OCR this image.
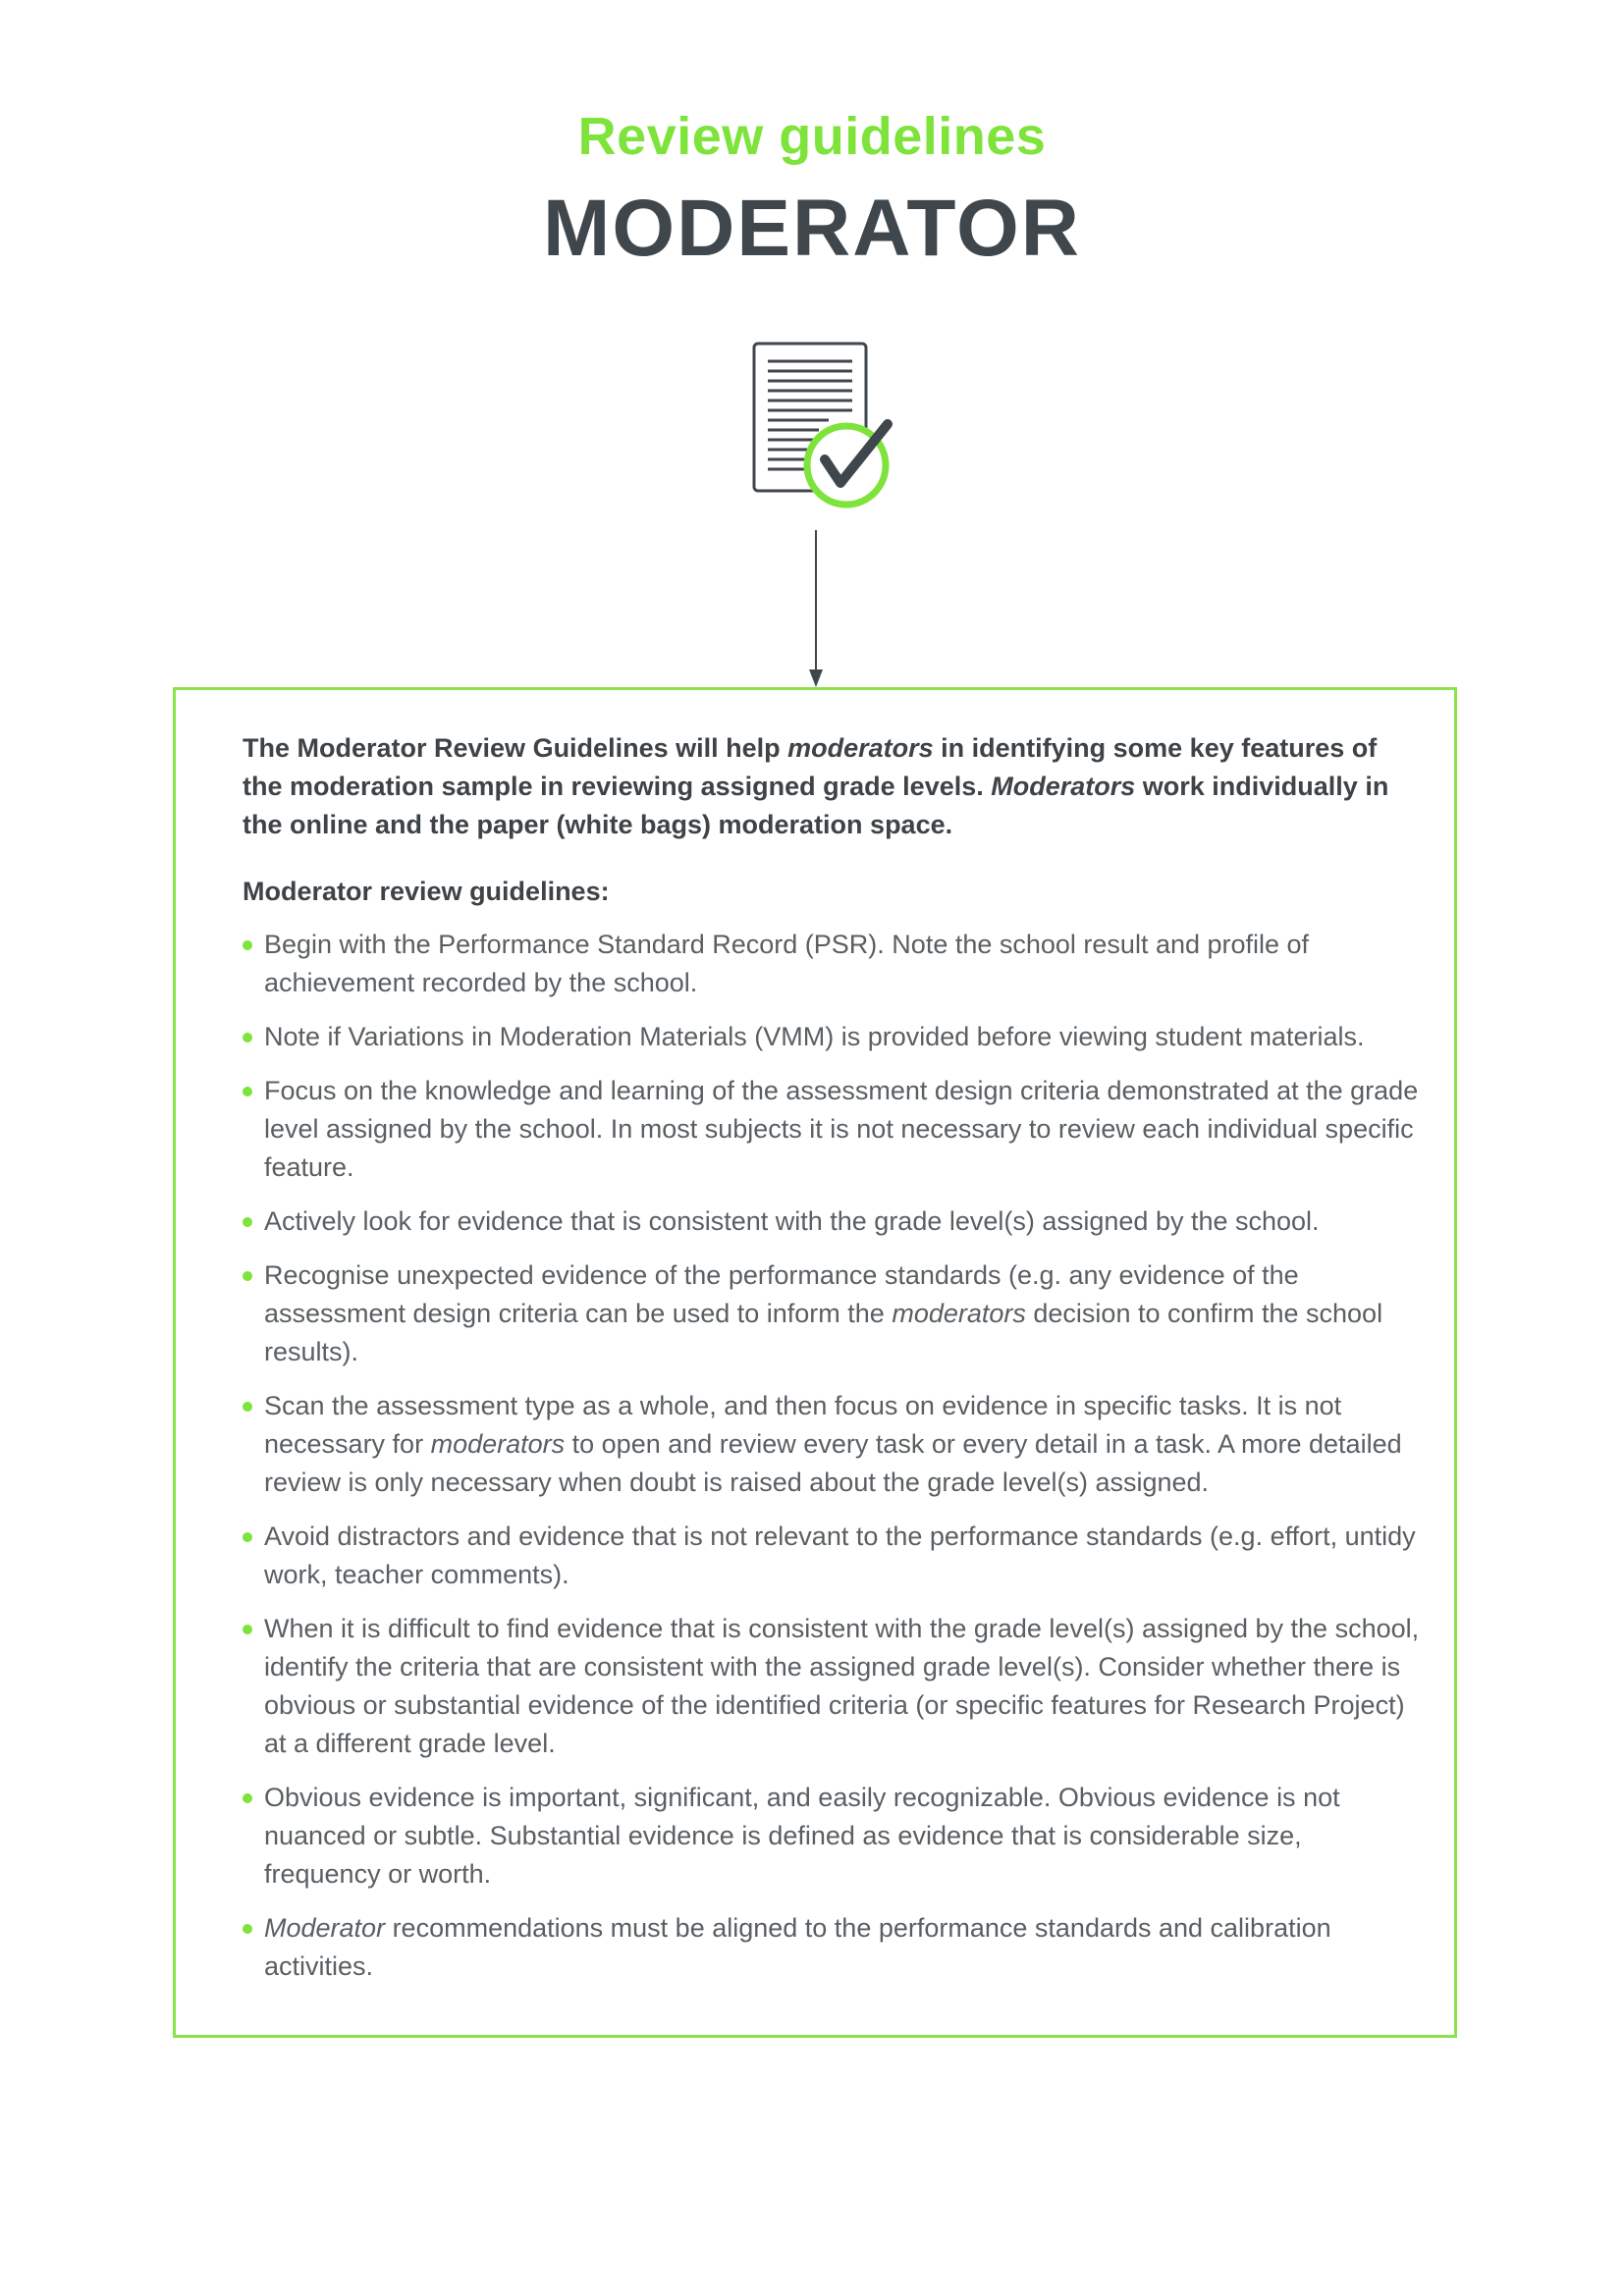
Review guidelines
MODERATOR

The Moderator Review Guidelines will help moderators in identifying some key features of the moderation sample in reviewing assigned grade levels. Moderators work individually in the online and the paper (white bags) moderation space.

Moderator review guidelines:

Begin with the Performance Standard Record (PSR). Note the school result and profile of achievement recorded by the school.
Note if Variations in Moderation Materials (VMM) is provided before viewing student materials.
Focus on the knowledge and learning of the assessment design criteria demonstrated at the grade level assigned by the school. In most subjects it is not necessary to review each individual specific feature.
Actively look for evidence that is consistent with the grade level(s) assigned by the school.
Recognise unexpected evidence of the performance standards (e.g. any evidence of the assessment design criteria can be used to inform the moderators decision to confirm the school results).
Scan the assessment type as a whole, and then focus on evidence in specific tasks. It is not necessary for moderators to open and review every task or every detail in a task. A more detailed review is only necessary when doubt is raised about the grade level(s) assigned.
Avoid distractors and evidence that is not relevant to the performance standards (e.g. effort, untidy work, teacher comments).
When it is difficult to find evidence that is consistent with the grade level(s) assigned by the school, identify the criteria that are consistent with the assigned grade level(s). Consider whether there is obvious or substantial evidence of the identified criteria (or specific features for Research Project) at a different grade level.
Obvious evidence is important, significant, and easily recognizable. Obvious evidence is not nuanced or subtle. Substantial evidence is defined as evidence that is considerable size, frequency or worth.
Moderator recommendations must be aligned to the performance standards and calibration activities.
